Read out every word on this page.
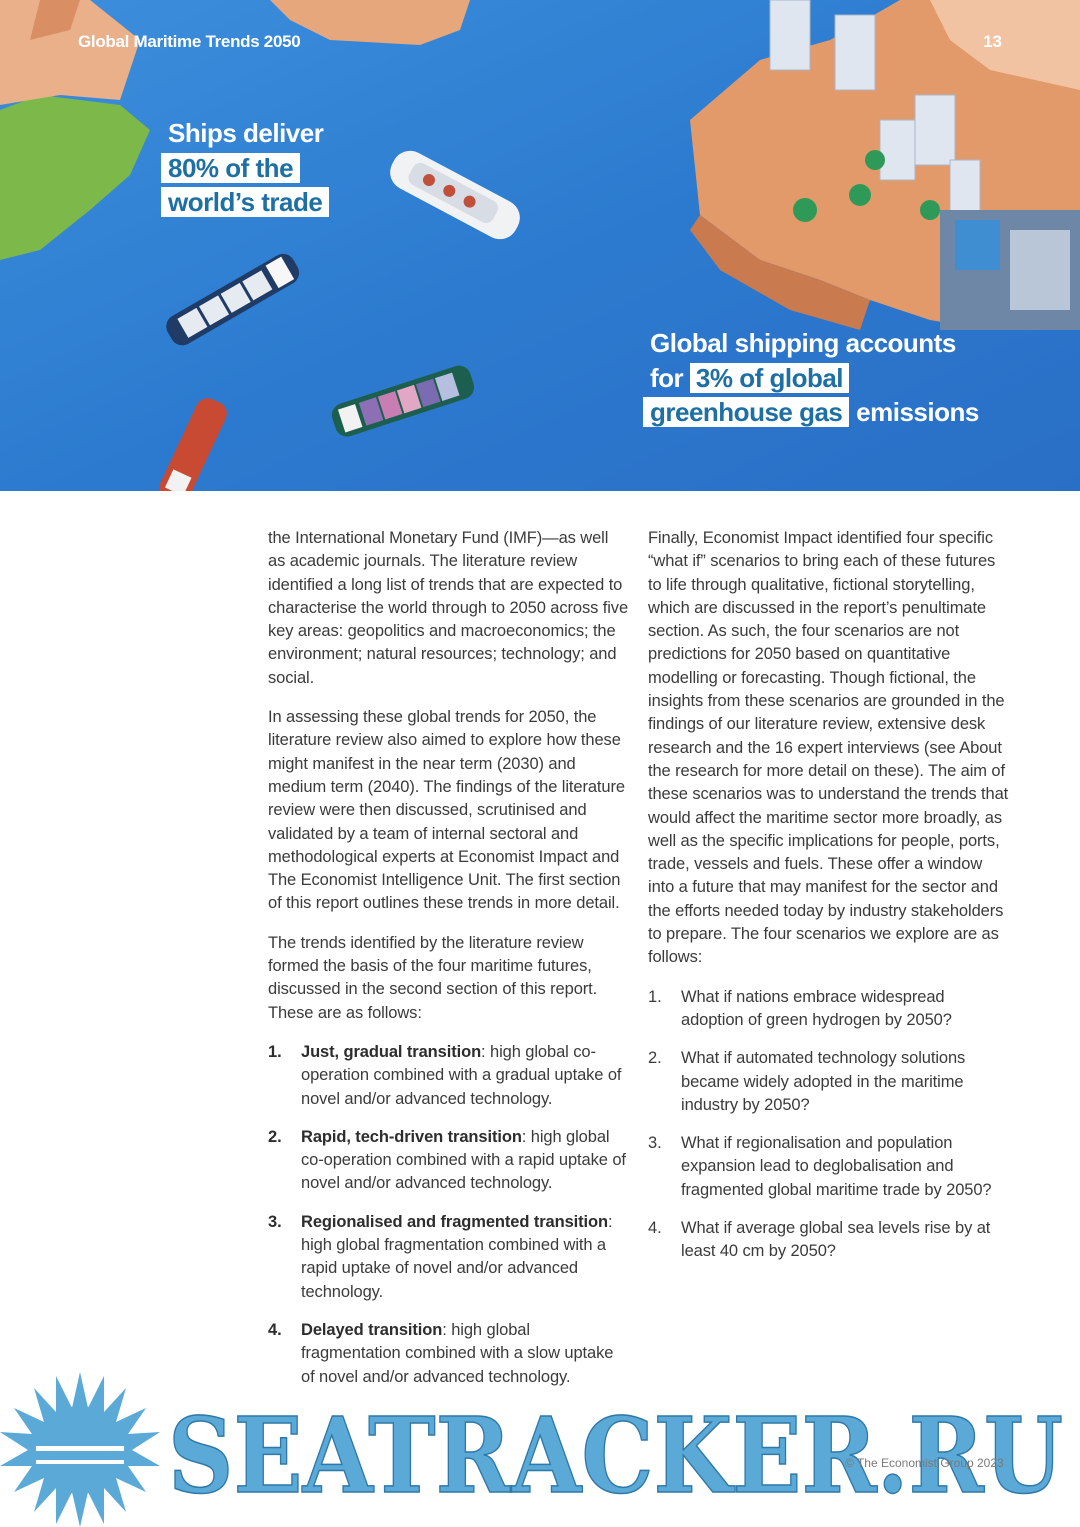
Global Maritime Trends 2050	13
Ships deliver
80% of the
world’s trade
Global shipping accounts
for 3% of global
greenhouse gas emissions

the International Monetary Fund (IMF)—as well as academic journals. The literature review identified a long list of trends that are expected to characterise the world through to 2050 across five key areas: geopolitics and macroeconomics; the environment; natural resources; technology; and social.

In assessing these global trends for 2050, the literature review also aimed to explore how these might manifest in the near term (2030) and medium term (2040). The findings of the literature review were then discussed, scrutinised and validated by a team of internal sectoral and methodological experts at Economist Impact and The Economist Intelligence Unit. The first section of this report outlines these trends in more detail.

The trends identified by the literature review formed the basis of the four maritime futures, discussed in the second section of this report. These are as follows:

1. Just, gradual transition: high global co-operation combined with a gradual uptake of novel and/or advanced technology.
2. Rapid, tech-driven transition: high global co-operation combined with a rapid uptake of novel and/or advanced technology.
3. Regionalised and fragmented transition: high global fragmentation combined with a rapid uptake of novel and/or advanced technology.
4. Delayed transition: high global fragmentation combined with a slow uptake of novel and/or advanced technology.

Finally, Economist Impact identified four specific “what if” scenarios to bring each of these futures to life through qualitative, fictional storytelling, which are discussed in the report’s penultimate section. As such, the four scenarios are not predictions for 2050 based on quantitative modelling or forecasting. Though fictional, the insights from these scenarios are grounded in the findings of our literature review, extensive desk research and the 16 expert interviews (see About the research for more detail on these). The aim of these scenarios was to understand the trends that would affect the maritime sector more broadly, as well as the specific implications for people, ports, trade, vessels and fuels. These offer a window into a future that may manifest for the sector and the efforts needed today by industry stakeholders to prepare. The four scenarios we explore are as follows:

1. What if nations embrace widespread adoption of green hydrogen by 2050?
2. What if automated technology solutions became widely adopted in the maritime industry by 2050?
3. What if regionalisation and population expansion lead to deglobalisation and fragmented global maritime trade by 2050?
4. What if average global sea levels rise by at least 40 cm by 2050?
SEATRACKER.RU
© The Economist Group 2023
